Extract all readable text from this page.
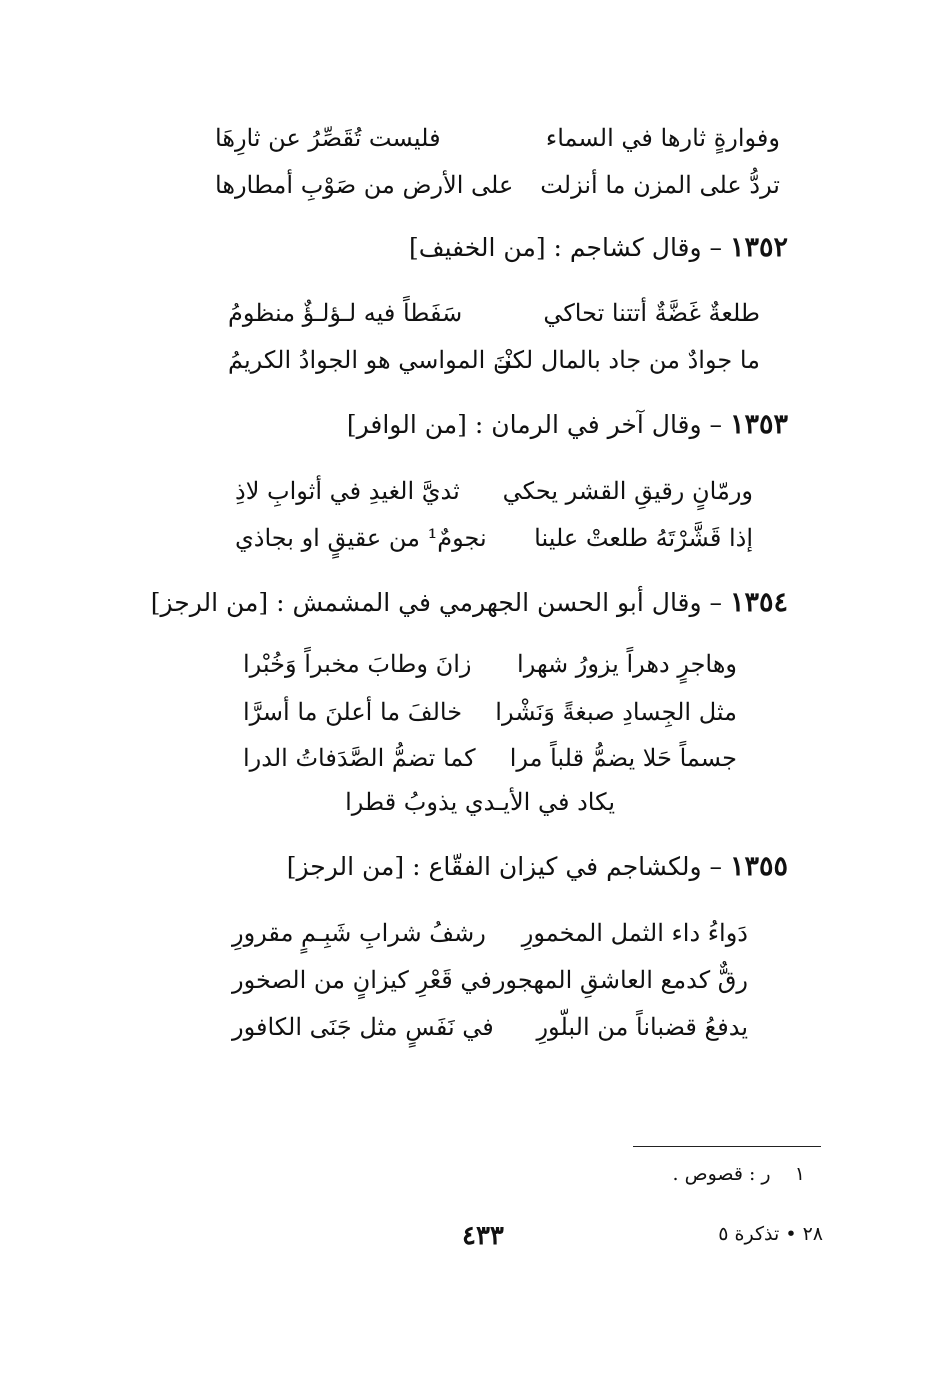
وفوارةٍ ثارها في السماء
فليست تُقَصِّرُ عن ثارِهَا
تردُّ على المزن ما أنزلت
على الأرض من صَوْبِ أمطارها
١٣٥٢ – وقال كشاجم : [من الخفيف]
طلعةٌ غَضَّةٌ أتتنا تحاكي
سَفَطاً فيه لـؤلـؤٌ منظومُ
ما جوادٌ من جاد بالمال لكنْـ
ـنَ المواسي هو الجوادُ الكريمُ
١٣٥٣ – وقال آخر في الرمان : [من الوافر]
ورمّانٍ رقيقِ القشر يحكي
ثديَّ الغيدِ في أثوابِ لاذِ
إذا قَشَّرْتَهُ طلعتْ علينا
نجومٌ¹ من عقيقٍ او بجاذي
١٣٥٤ – وقال أبو الحسن الجهرمي في المشمش : [من الرجز]
وهاجرٍ دهراً يزورُ شهرا
زانَ وطابَ مخبراً وَخُبْرا
مثل الجِسادِ صبغةً وَنَشْرا
خالفَ ما أعلنَ ما أسرَّا
جسماً حَلا يضمُّ قلباً مرا
كما تضمُّ الصَّدَفاتُ الدرا
يكاد في الأيـدي يذوبُ قطرا
١٣٥٥ – ولكشاجم في كيزان الفقّاع : [من الرجز]
دَواءُ داء الثمل المخمورِ
رشفُ شرابِ شَبِـمٍ مقرورِ
رقٌّ كدمع العاشقِ المهجور
في قَعْرِ كيزانٍ من الصخور
يدفعُ قضباناً من البلّورِ
في نَفَسٍ مثل جَنَى الكافور
١    ر : قصوص .
٤٣٣	٢٨ • تذكرة ٥
